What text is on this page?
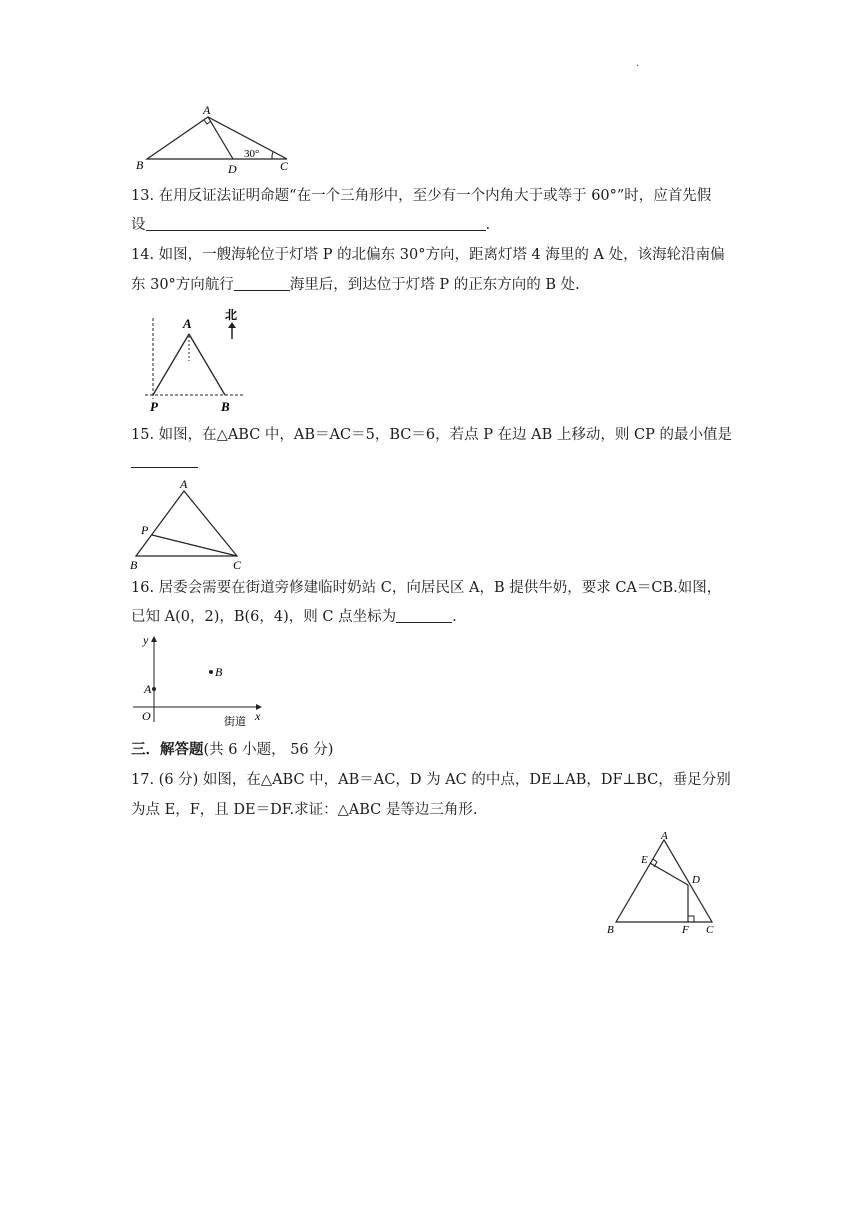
.
A
B	D	C
30°
13. 在用反证法证明命题“在一个三角形中，至少有一个内角大于或等于 60°”时，应首先假
设	.
14. 如图，一艘海轮位于灯塔 P 的北偏东 30°方向，距离灯塔 4 海里的 A 处，该海轮沿南偏
东 30°方向航行	海里后，到达位于灯塔 P 的正东方向的 B 处.
A
P	B
北
15. 如图，在△ABC 中，AB＝AC＝5，BC＝6，若点 P 在边 AB 上移动，则 CP 的最小值是
A
P
B	C
16. 居委会需要在街道旁修建临时奶站 C，向居民区 A，B 提供牛奶，要求 CA＝CB.如图，
已知 A(0，2)，B(6，4)，则 C 点坐标为	.
y
x
O
A
B
街道
三．解答题(共 6 小题， 56 分)
17. (6 分) 如图，在△ABC 中，AB＝AC，D 为 AC 的中点，DE⊥AB，DF⊥BC，垂足分别
为点 E，F，且 DE＝DF.求证：△ABC 是等边三角形.
A
E
D
B	F C
